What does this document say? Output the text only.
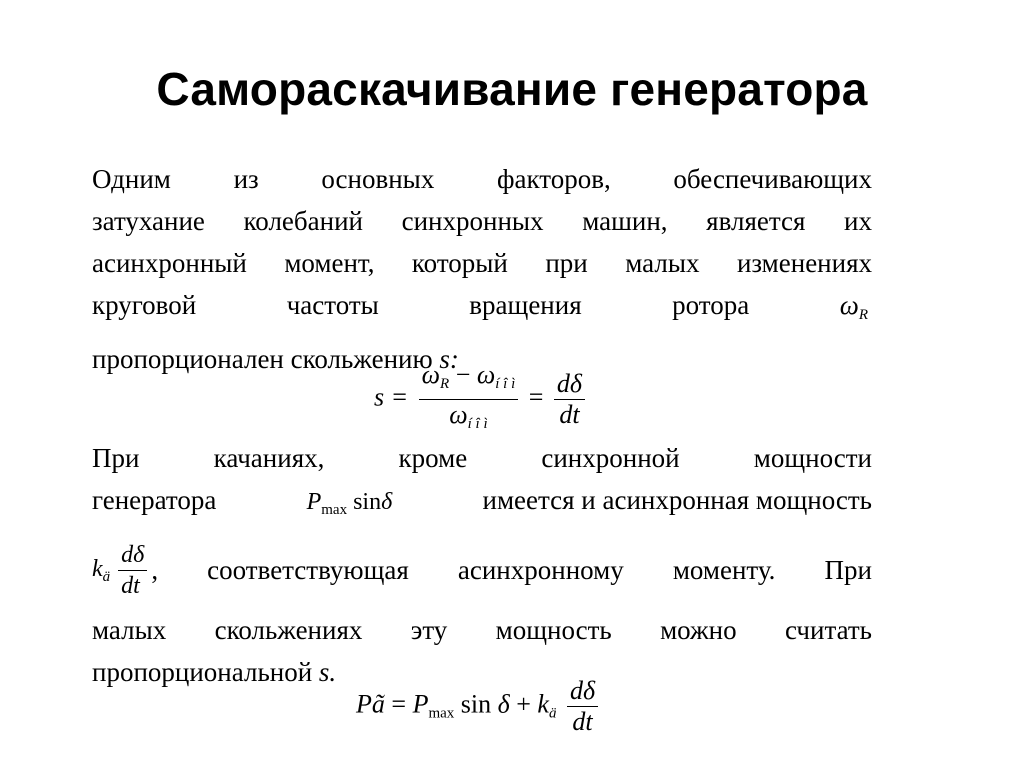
Самораскачивание генератора
Одним из основных факторов, обеспечивающих
затухание колебаний синхронных машин, является их
асинхронный момент, который при малых изменениях
круговой	частоты	вращения	ротора	$\omega_R$
пропорционален скольжению s:
$s = \frac{\omega_R - \omega_{í î ì}}{\omega_{í î ì}} = \frac{d\delta}{dt}$
При качаниях, кроме синхронной мощности
генератора	$P_{max}$ sinδ	имеется и асинхронная мощность
$k_ä \frac{d\delta}{dt}$ , соответствующая асинхронному моменту. При
малых скольжениях эту мощность можно считать
пропорциональной s.
Pã = Pmax $\sin \delta + k_ä \frac{d\delta}{dt}$
